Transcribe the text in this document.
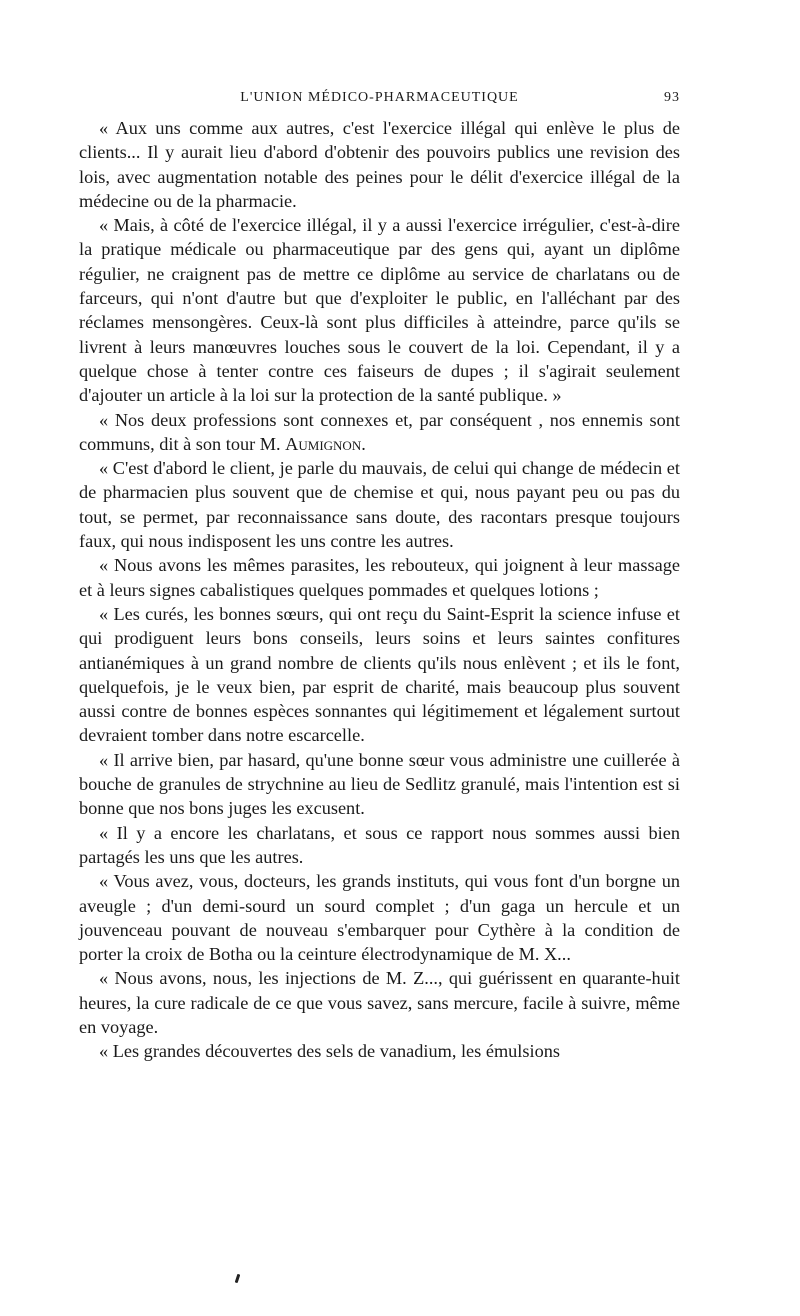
L'UNION MÉDICO-PHARMACEUTIQUE	93

« Aux uns comme aux autres, c'est l'exercice illégal qui enlève le plus de clients... Il y aurait lieu d'abord d'obtenir des pouvoirs publics une revision des lois, avec augmentation notable des peines pour le délit d'exercice illégal de la médecine ou de la pharmacie.

« Mais, à côté de l'exercice illégal, il y a aussi l'exercice irrégulier, c'est-à-dire la pratique médicale ou pharmaceutique par des gens qui, ayant un diplôme régulier, ne craignent pas de mettre ce diplôme au service de charlatans ou de farceurs, qui n'ont d'autre but que d'exploiter le public, en l'alléchant par des réclames mensongères. Ceux-là sont plus difficiles à atteindre, parce qu'ils se livrent à leurs manœuvres louches sous le couvert de la loi. Cependant, il y a quelque chose à tenter contre ces faiseurs de dupes ; il s'agirait seulement d'ajouter un article à la loi sur la protection de la santé publique. »

« Nos deux professions sont connexes et, par conséquent , nos ennemis sont communs, dit à son tour M. Aumignon.

« C'est d'abord le client, je parle du mauvais, de celui qui change de médecin et de pharmacien plus souvent que de chemise et qui, nous payant peu ou pas du tout, se permet, par reconnaissance sans doute, des racontars presque toujours faux, qui nous indisposent les uns contre les autres.

« Nous avons les mêmes parasites, les rebouteux, qui joignent à leur massage et à leurs signes cabalistiques quelques pommades et quelques lotions ;

« Les curés, les bonnes sœurs, qui ont reçu du Saint-Esprit la science infuse et qui prodiguent leurs bons conseils, leurs soins et leurs saintes confitures antianémiques à un grand nombre de clients qu'ils nous enlèvent ; et ils le font, quelquefois, je le veux bien, par esprit de charité, mais beaucoup plus souvent aussi contre de bonnes espèces sonnantes qui légitimement et légalement surtout devraient tomber dans notre escarcelle.

« Il arrive bien, par hasard, qu'une bonne sœur vous administre une cuillerée à bouche de granules de strychnine au lieu de Sedlitz granulé, mais l'intention est si bonne que nos bons juges les excusent.

« Il y a encore les charlatans, et sous ce rapport nous sommes aussi bien partagés les uns que les autres.

« Vous avez, vous, docteurs, les grands instituts, qui vous font d'un borgne un aveugle ; d'un demi-sourd un sourd complet ; d'un gaga un hercule et un jouvenceau pouvant de nouveau s'embarquer pour Cythère à la condition de porter la croix de Botha ou la ceinture électrodynamique de M. X...

« Nous avons, nous, les injections de M. Z..., qui guérissent en quarante-huit heures, la cure radicale de ce que vous savez, sans mercure, facile à suivre, même en voyage.

« Les grandes découvertes des sels de vanadium, les émulsions
